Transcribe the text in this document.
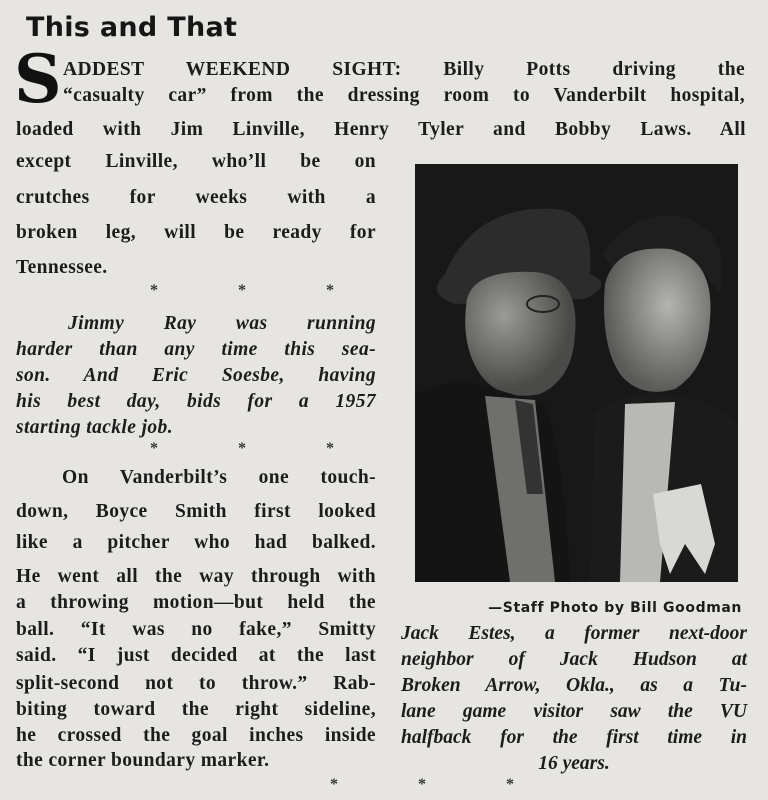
This and That
S ADDEST WEEKEND SIGHT: Billy Potts driving the
“casualty car” from the dressing room to Vanderbilt hospital,
loaded with Jim Linville, Henry Tyler and Bobby Laws. All
except Linville, who’ll be on
crutches for weeks with a
broken leg, will be ready for
Tennessee.
* * *
Jimmy Ray was running
harder than any time this sea-
son. And Eric Soesbe, having
his best day, bids for a 1957
starting tackle job.
* * *
On Vanderbilt’s one touch-
down, Boyce Smith first looked
like a pitcher who had balked.
He went all the way through with
a throwing motion—but held the
ball. “It was no fake,” Smitty
said. “I just decided at the last
split-second not to throw.” Rab-
biting toward the right sideline,
he crossed the goal inches inside
the corner boundary marker.
* * *
—Staff Photo by Bill Goodman
Jack Estes, a former next-door
neighbor of Jack Hudson at
Broken Arrow, Okla., as a Tu-
lane game visitor saw the VU
halfback for the first time in
16 years.
